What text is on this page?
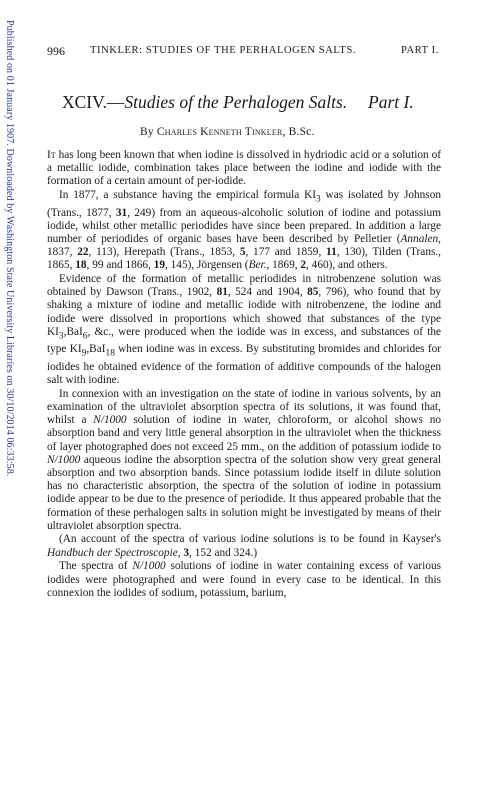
Published on 01 January 1907. Downloaded by Washington State University Libraries on 30/10/2014 06:33:58.	996 TINKLER: STUDIES OF THE PERHALOGEN SALTS.	PART I.
XCIV.—Studies of the Perhalogen Salts. Part I.
By Charles Kenneth Tinkler, B.Sc.

It has long been known that when iodine is dissolved in hydriodic acid or a solution of a metallic iodide, combination takes place between the iodine and iodide with the formation of a certain amount of per-iodide.

In 1877, a substance having the empirical formula $KI_3$ was isolated by Johnson (Trans., 1877, 31, 249) from an aqueous-alcoholic solution of iodine and potassium iodide, whilst other metallic periodides have since been prepared. In addition a large number of periodides of organic bases have been described by Pelletier (Annalen, 1837, 22, 113), Herepath (Trans., 1853, 5, 177 and 1859, 11, 130), Tilden (Trans., 1865, 18, 99 and 1866, 19, 145), Jörgensen (Ber., 1869, 2, 460), and others.

Evidence of the formation of metallic periodides in nitrobenzene solution was obtained by Dawson (Trans., 1902, 81, 524 and 1904, 85, 796), who found that by shaking a mixture of iodine and metallic iodide with nitrobenzene, the iodine and iodide were dissolved in proportions which showed that substances of the type $KI_3,BaI_6$, &c., were produced when the iodide was in excess, and substances of the type $KI_9,BaI_{18}$ when iodine was in excess. By substituting bromides and chlorides for iodides he obtained evidence of the formation of additive compounds of the halogen salt with iodine.

In connexion with an investigation on the state of iodine in various solvents, by an examination of the ultraviolet absorption spectra of its solutions, it was found that, whilst a N/1000 solution of iodine in water, chloroform, or alcohol shows no absorption band and very little general absorption in the ultraviolet when the thickness of layer photographed does not exceed 25 mm., on the addition of potassium iodide to N/1000 aqueous iodine the absorption spectra of the solution show very great general absorption and two absorption bands. Since potassium iodide itself in dilute solution has no characteristic absorption, the spectra of the solution of iodine in potassium iodide appear to be due to the presence of periodide. It thus appeared probable that the formation of these perhalogen salts in solution might be investigated by means of their ultraviolet absorption spectra.

(An account of the spectra of various iodine solutions is to be found in Kayser's Handbuch der Spectroscopie, 3, 152 and 324.)

The spectra of N/1000 solutions of iodine in water containing excess of various iodides were photographed and were found in every case to be identical. In this connexion the iodides of sodium, potassium, barium,
